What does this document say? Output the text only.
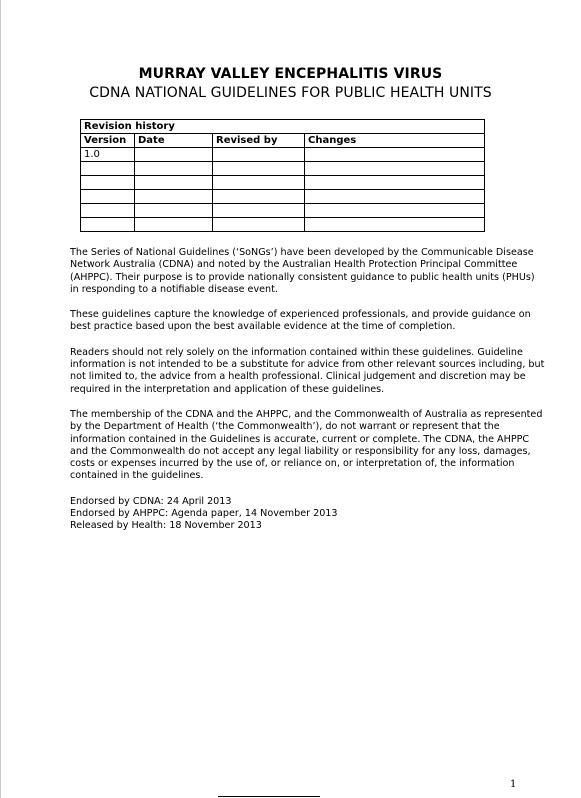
MURRAY VALLEY ENCEPHALITIS VIRUS
CDNA NATIONAL GUIDELINES FOR PUBLIC HEALTH UNITS
Revision history			
Version	Date	Revised by	Changes
1.0			

The Series of National Guidelines (‘SoNGs’) have been developed by the Communicable Disease Network Australia (CDNA) and noted by the Australian Health Protection Principal Committee (AHPPC). Their purpose is to provide nationally consistent guidance to public health units (PHUs) in responding to a notifiable disease event.

These guidelines capture the knowledge of experienced professionals, and provide guidance on best practice based upon the best available evidence at the time of completion.

Readers should not rely solely on the information contained within these guidelines. Guideline information is not intended to be a substitute for advice from other relevant sources including, but not limited to, the advice from a health professional. Clinical judgement and discretion may be required in the interpretation and application of these guidelines.

The membership of the CDNA and the AHPPC, and the Commonwealth of Australia as represented by the Department of Health (‘the Commonwealth’), do not warrant or represent that the information contained in the Guidelines is accurate, current or complete. The CDNA, the AHPPC and the Commonwealth do not accept any legal liability or responsibility for any loss, damages, costs or expenses incurred by the use of, or reliance on, or interpretation of, the information contained in the guidelines.

Endorsed by CDNA: 24 April 2013

Endorsed by AHPPC: Agenda paper, 14 November 2013

Released by Health: 18 November 2013

1
